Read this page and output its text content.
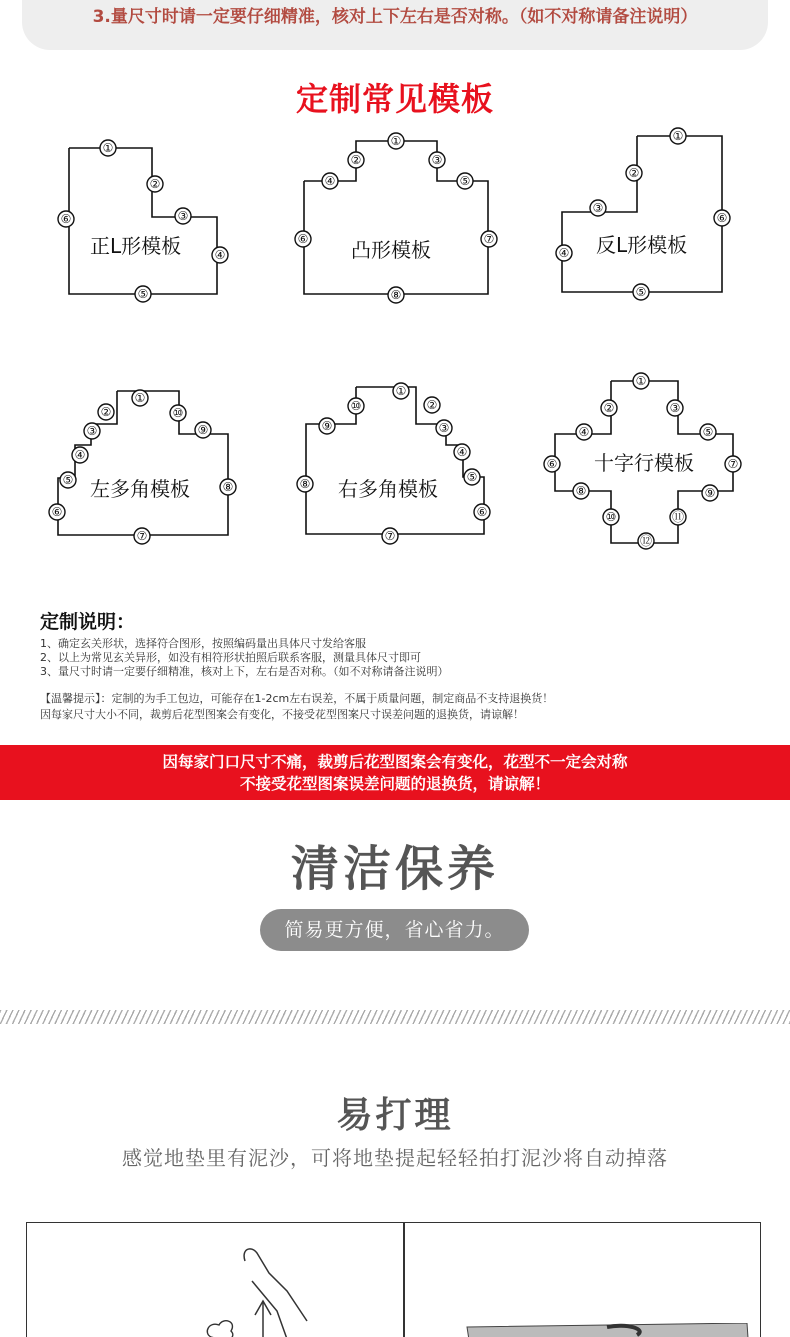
3.量尺寸时请一定要仔细精准，核对上下左右是否对称。（如不对称请备注说明）
定制常见模板
正L形模板
①
②
③
④
⑤
⑥
凸形模板
①
②	③
④	⑤
⑥	⑦
⑧
反L形模板
①
②
③
④
⑤
⑥
左多角模板
①
②
③
④
⑤
⑥
⑦
⑧
⑨
⑩
右多角模板
①
②
③
④
⑤
⑥
⑦
⑧
⑨
⑩
十字行模板
①
②	③
④	⑤
⑥	⑦
⑧	⑨
⑩	⑪
⑫
定制说明：
1、确定玄关形状，选择符合图形，按照编码量出具体尺寸发给客服
2、以上为常见玄关异形，如没有相符形状拍照后联系客服，测量具体尺寸即可
3、量尺寸时请一定要仔细精准，核对上下，左右是否对称。（如不对称请备注说明）
【温馨提示】：定制的为手工包边，可能存在1-2cm左右误差，不属于质量问题，制定商品不支持退换货！
因每家尺寸大小不同，裁剪后花型图案会有变化，不接受花型图案尺寸误差问题的退换货，请谅解！
因每家门口尺寸不痛，裁剪后花型图案会有变化，花型不一定会对称
不接受花型图案误差问题的退换货，请谅解！
清洁保养
简易更方便，省心省力。
易打理
感觉地垫里有泥沙，可将地垫提起轻轻拍打泥沙将自动掉落
